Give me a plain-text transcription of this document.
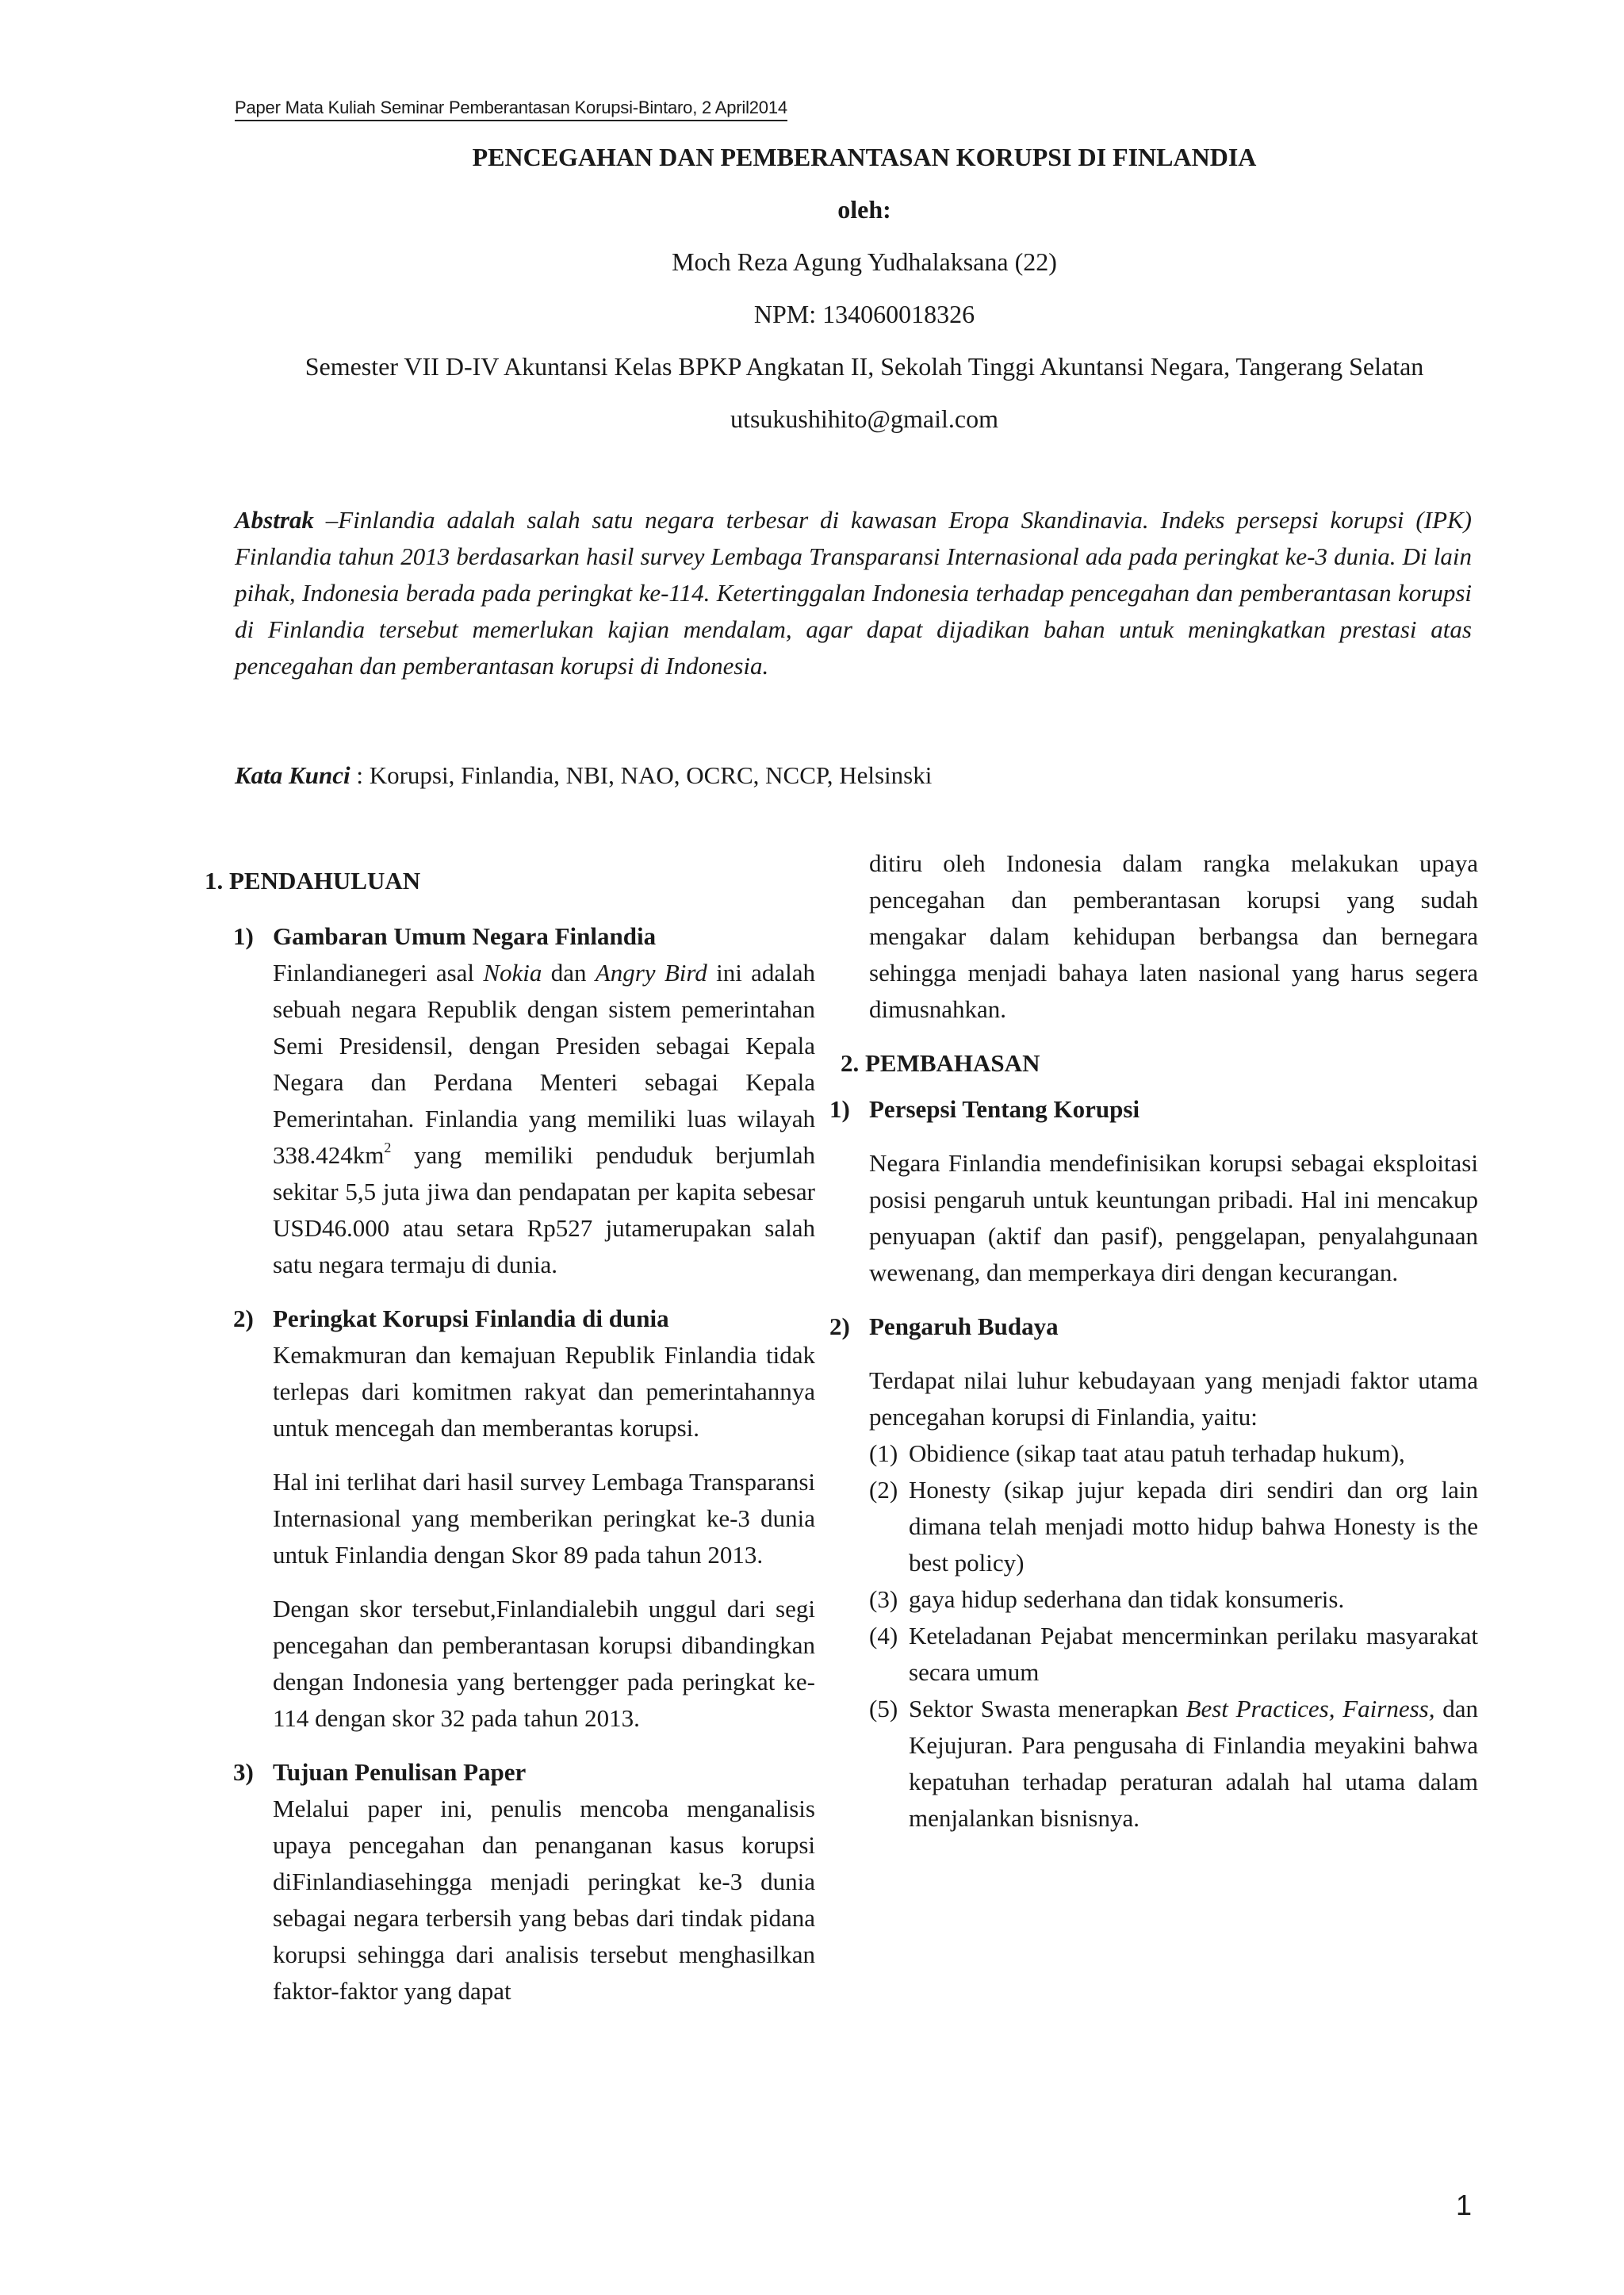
Paper Mata Kuliah Seminar Pemberantasan Korupsi-Bintaro, 2 April2014
PENCEGAHAN DAN PEMBERANTASAN KORUPSI DI FINLANDIA
oleh:
Moch Reza Agung Yudhalaksana (22)
NPM: 134060018326
Semester VII D-IV Akuntansi Kelas BPKP Angkatan II, Sekolah Tinggi Akuntansi Negara, Tangerang Selatan
utsukushihito@gmail.com
Abstrak –Finlandia adalah salah satu negara terbesar di kawasan Eropa Skandinavia. Indeks persepsi korupsi (IPK) Finlandia tahun 2013 berdasarkan hasil survey Lembaga Transparansi Internasional ada pada peringkat ke-3 dunia. Di lain pihak, Indonesia berada pada peringkat ke-114. Ketertinggalan Indonesia terhadap pencegahan dan pemberantasan korupsi di Finlandia tersebut memerlukan kajian mendalam, agar dapat dijadikan bahan untuk meningkatkan prestasi atas pencegahan dan pemberantasan korupsi di Indonesia.
Kata Kunci : Korupsi, Finlandia, NBI, NAO, OCRC, NCCP, Helsinski
1. PENDAHULUAN
1) Gambaran Umum Negara Finlandia
Finlandianegeri asal Nokia dan Angry Bird ini adalah sebuah negara Republik dengan sistem pemerintahan Semi Presidensil, dengan Presiden sebagai Kepala Negara dan Perdana Menteri sebagai Kepala Pemerintahan. Finlandia yang memiliki luas wilayah $338.424km^2$ yang memiliki penduduk berjumlah sekitar 5,5 juta jiwa dan pendapatan per kapita sebesar USD46.000 atau setara Rp527 jutamerupakan salah satu negara termaju di dunia.
2) Peringkat Korupsi Finlandia di dunia
Kemakmuran dan kemajuan Republik Finlandia tidak terlepas dari komitmen rakyat dan pemerintahannya untuk mencegah dan memberantas korupsi.
Hal ini terlihat dari hasil survey Lembaga Transparansi Internasional yang memberikan peringkat ke-3 dunia untuk Finlandia dengan Skor 89 pada tahun 2013.
Dengan skor tersebut,Finlandialebih unggul dari segi pencegahan dan pemberantasan korupsi dibandingkan dengan Indonesia yang bertengger pada peringkat ke-114 dengan skor 32 pada tahun 2013.
3) Tujuan Penulisan Paper
Melalui paper ini, penulis mencoba menganalisis upaya pencegahan dan penanganan kasus korupsi diFinlandiasehingga menjadi peringkat ke-3 dunia sebagai negara terbersih yang bebas dari tindak pidana korupsi sehingga dari analisis tersebut menghasilkan faktor-faktor yang dapat
ditiru oleh Indonesia dalam rangka melakukan upaya pencegahan dan pemberantasan korupsi yang sudah mengakar dalam kehidupan berbangsa dan bernegara sehingga menjadi bahaya laten nasional yang harus segera dimusnahkan.
2. PEMBAHASAN
1) Persepsi Tentang Korupsi
Negara Finlandia mendefinisikan korupsi sebagai eksploitasi posisi pengaruh untuk keuntungan pribadi. Hal ini mencakup penyuapan (aktif dan pasif), penggelapan, penyalahgunaan wewenang, dan memperkaya diri dengan kecurangan.
2) Pengaruh Budaya
Terdapat nilai luhur kebudayaan yang menjadi faktor utama pencegahan korupsi di Finlandia, yaitu:
(1) Obidience (sikap taat atau patuh terhadap hukum),
(2) Honesty (sikap jujur kepada diri sendiri dan org lain dimana telah menjadi motto hidup bahwa Honesty is the best policy)
(3) gaya hidup sederhana dan tidak konsumeris.
(4) Keteladanan Pejabat mencerminkan perilaku masyarakat secara umum
(5) Sektor Swasta menerapkan Best Practices, Fairness, dan Kejujuran. Para pengusaha di Finlandia meyakini bahwa kepatuhan terhadap peraturan adalah hal utama dalam menjalankan bisnisnya.
1
